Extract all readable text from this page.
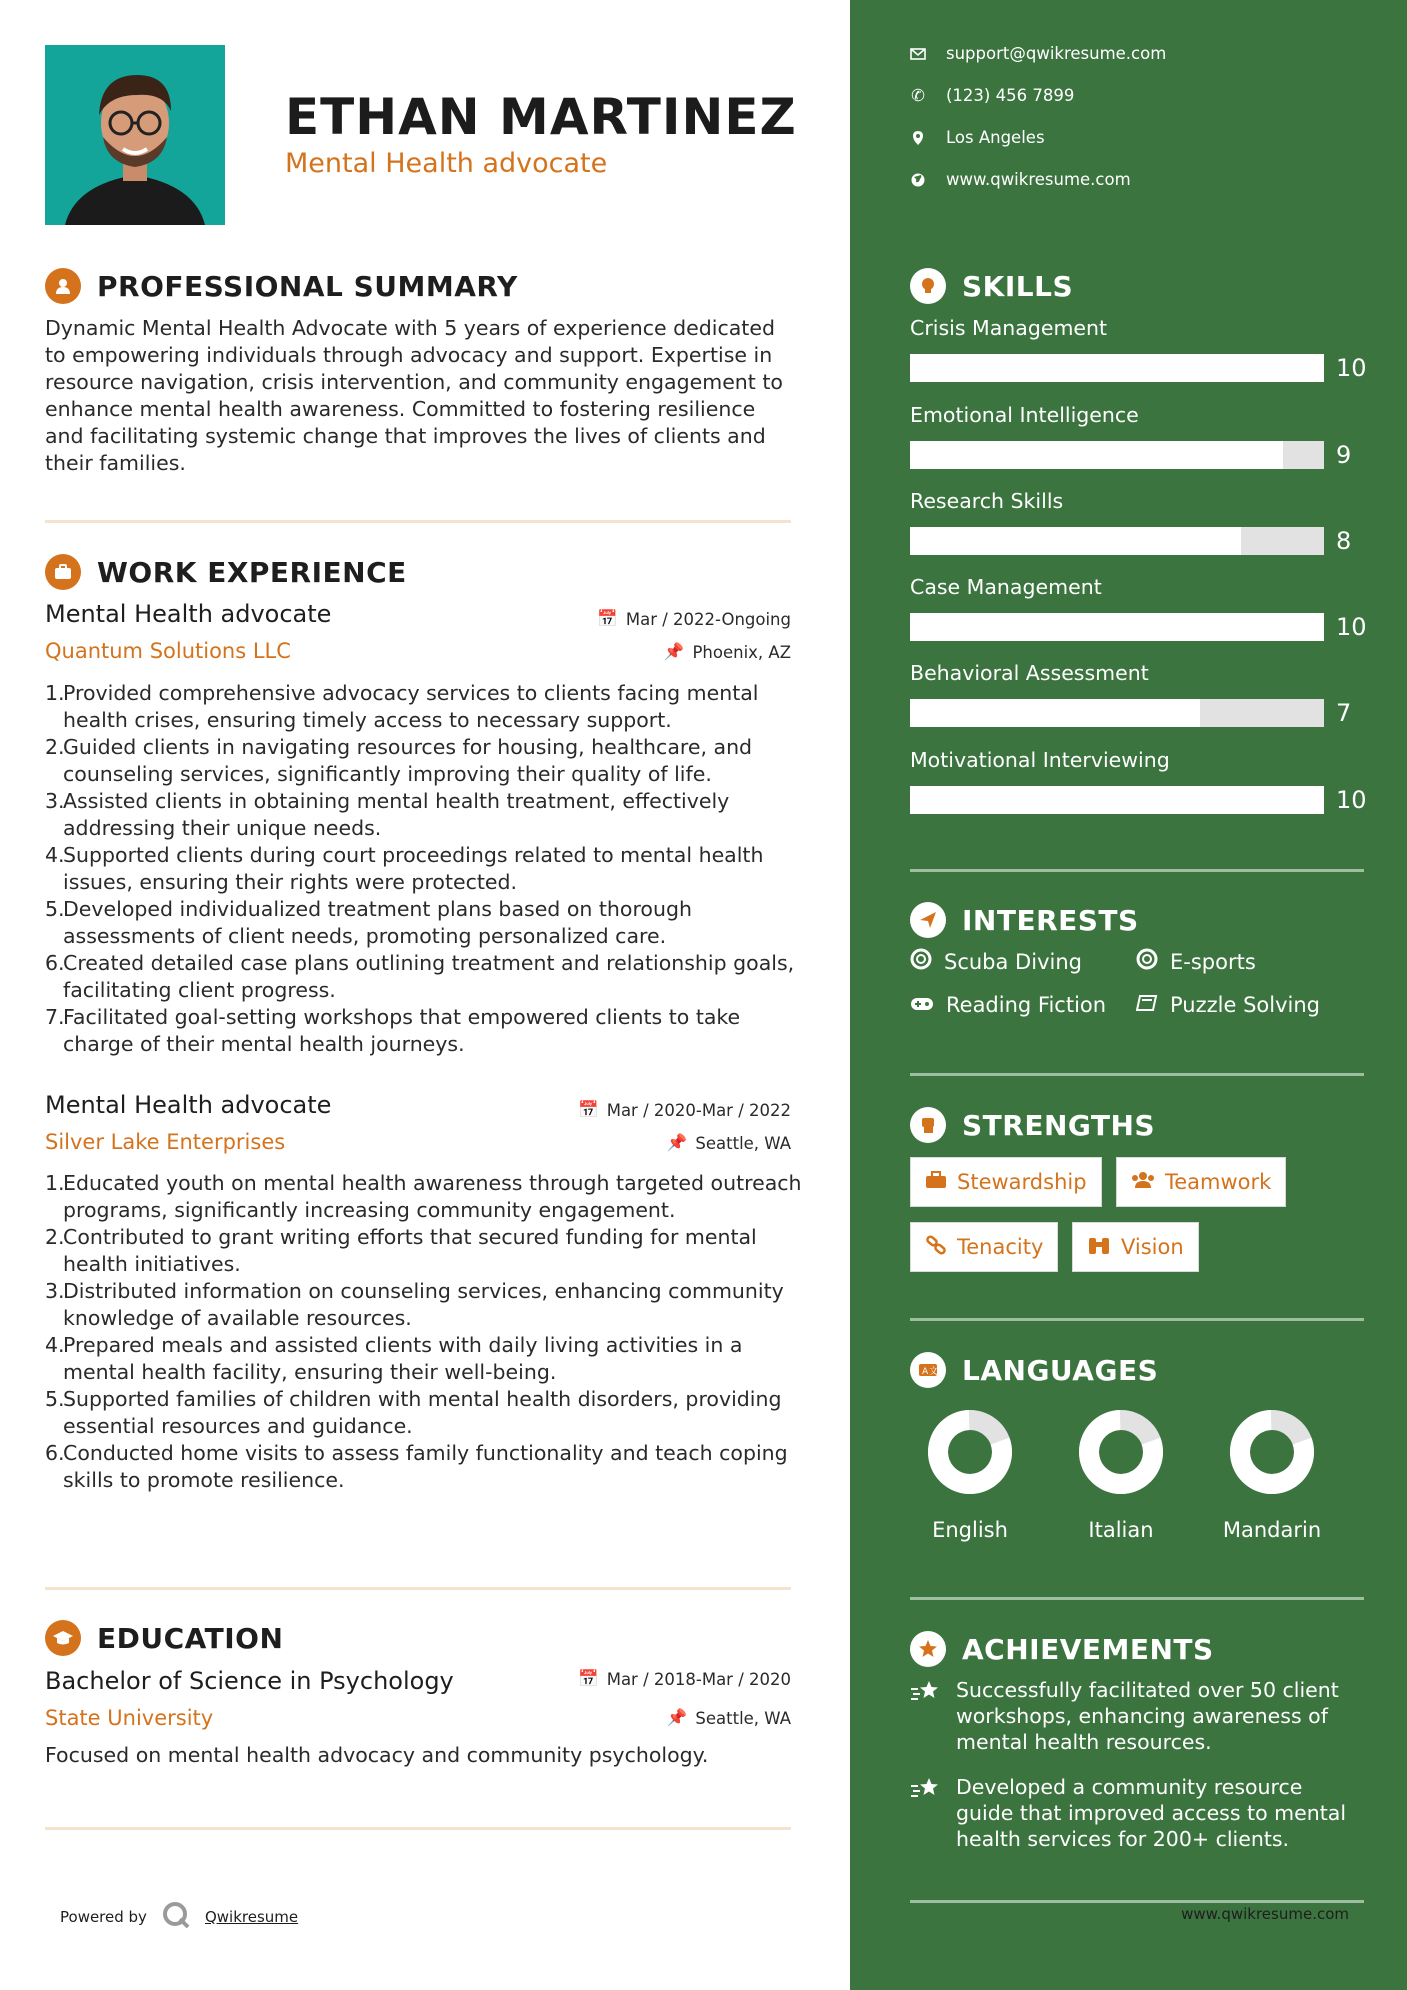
ETHAN MARTINEZ
Mental Health advocate
PROFESSIONAL SUMMARY
Dynamic Mental Health Advocate with 5 years of experience dedicated to empowering individuals through advocacy and support. Expertise in resource navigation, crisis intervention, and community engagement to enhance mental health awareness. Committed to fostering resilience and facilitating systemic change that improves the lives of clients and their families.
WORK EXPERIENCE
Mental Health advocate
Quantum Solutions LLC
📅 Mar / 2022-Ongoing
📌 Phoenix, AZ
1.
Provided comprehensive advocacy services to clients facing mental health crises, ensuring timely access to necessary support.
2.
Guided clients in navigating resources for housing, healthcare, and counseling services, significantly improving their quality of life.
3.
Assisted clients in obtaining mental health treatment, effectively addressing their unique needs.
4.
Supported clients during court proceedings related to mental health issues, ensuring their rights were protected.
5.
Developed individualized treatment plans based on thorough assessments of client needs, promoting personalized care.
6.
Created detailed case plans outlining treatment and relationship goals, facilitating client progress.
7.
Facilitated goal-setting workshops that empowered clients to take charge of their mental health journeys.
Mental Health advocate
Silver Lake Enterprises
📅 Mar / 2020-Mar / 2022
📌 Seattle, WA
1.
Educated youth on mental health awareness through targeted outreach programs, significantly increasing community engagement.
2.
Contributed to grant writing efforts that secured funding for mental health initiatives.
3.
Distributed information on counseling services, enhancing community knowledge of available resources.
4.
Prepared meals and assisted clients with daily living activities in a mental health facility, ensuring their well-being.
5.
Supported families of children with mental health disorders, providing essential resources and guidance.
6.
Conducted home visits to assess family functionality and teach coping skills to promote resilience.
EDUCATION
Bachelor of Science in Psychology
State University
📅 Mar / 2018-Mar / 2020
📌 Seattle, WA
Focused on mental health advocacy and community psychology.
Powered by	Qwikresume
support@qwikresume.com
✆ (123) 456 7899
Los Angeles
www.qwikresume.com
SKILLS
Crisis Management
10
Emotional Intelligence
9
Research Skills
8
Case Management
10
Behavioral Assessment
7
Motivational Interviewing
10
INTERESTS
Scuba Diving	E-sports
Reading Fiction	Puzzle Solving
STRENGTHS
Stewardship	Teamwork
Tenacity	Vision
A 文 LANGUAGES
English	Italian	Mandarin
ACHIEVEMENTS
Successfully facilitated over 50 client workshops, enhancing awareness of mental health resources.
Developed a community resource guide that improved access to mental health services for 200+ clients.
www.qwikresume.com
